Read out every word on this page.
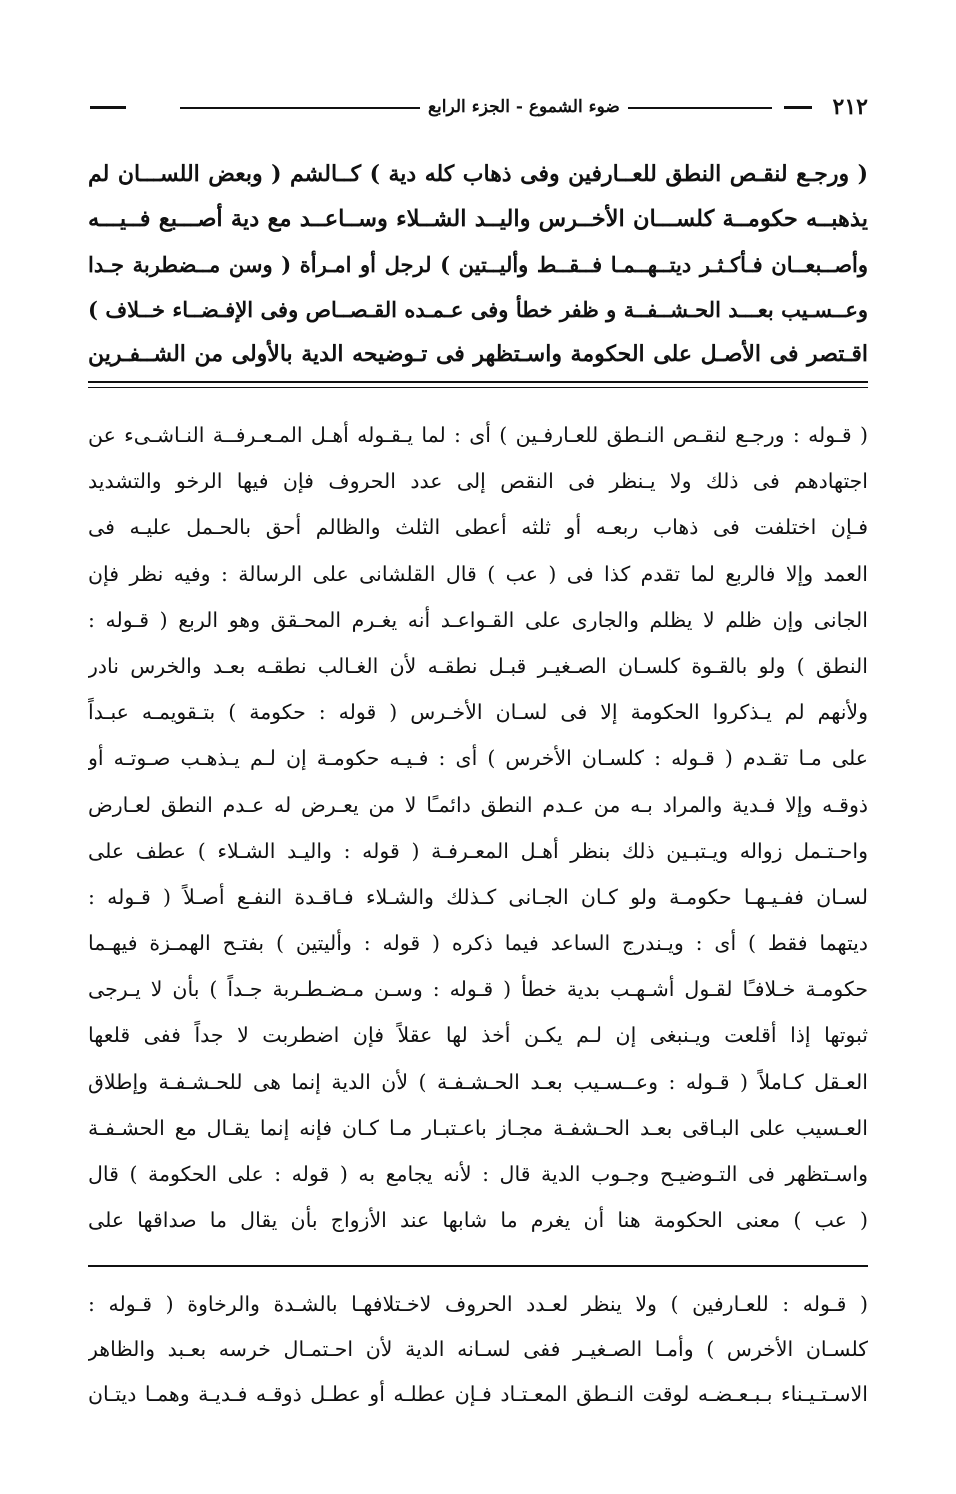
٢١٢
ضوء الشموع - الجزء الرابع

( ورجـع لنقـص النطق للعــارفين وفى ذهاب كله دية ) كــالشم ( وبعض اللســـان لم

يذهبــه حكومــة كلســـان الأخــرس واليــد الشــلاء وســاعــد مع دية أصـــبع فــيـــه

وأصــبعــان فـأكـثـر ديتــهــمـا فــقــط وأليــتين ) لرجل أو امـرأة ( وسن مــضطربة جـدا

وعــسـيب بعـــد الحـشــفــة و ظفر خطأ وفى عـمـده القـصــاص وفى الإفـضــاء خــلاف )

اقـتصر فى الأصـل على الحكومة واسـتظهر فى تـوضيحه الدية بالأولى من الشــفـرين

( قـوله : ورجـع لنقـص النـطق للعـارفـين ) أى : لما يـقـوله أهـل المـعـرفــة النـاشـىء عن

اجتهادهم فى ذلك ولا يـنظر فى النقص إلى عدد الحروف فإن فيها الرخو والتشديد

فـإن اختلفت فى ذهاب ربعـه أو ثلثه أعطى الثلث والظالم أحق بالحـمل عليـه فى

العمد وإلا فالربع لما تقدم كذا فى ( عب ) قال القلشانى على الرسالة : وفيه نظر فإن

الجانى وإن ظلم لا يظلم والجارى على القـواعـد أنه يغـرم المحـقق وهو الربع ( قـوله :

النطق ) ولو بالقـوة كلسـان الصـغيـر قبـل نطقـه لأن الغـالب نطقـه بعـد والخرس نادر

ولأنهم لم يـذكروا الحكومة إلا فى لسـان الأخـرس ( قوله : حكومة ) بتـقويمـه عبـداً

على مـا تقـدم ( قـوله : كلسـان الأخرس ) أى : فـيـه حكومـة إن لـم يـذهـب صـوتـه أو

ذوقـه وإلا فـدية والمراد بـه من عـدم النطق دائمـًا لا من يعـرض له عـدم النطق لعـارض

واحـتـمل زواله ويـتبـين ذلك بنظر أهـل المعـرفـة ( قوله : واليـد الشـلاء ) عطف على

لسـان ففـيـهـا حكومـة ولو كـان الجـانى كـذلك والشـلاء فـاقـدة النفـع أصـلاً ( قـوله :

ديتهما فقط ) أى : ويـندرج الساعد فيما ذكره ( قوله : وأليتين ) بفتـح الهمـزة فيهـما

حكومـة خـلافـًا لقـول أشـهـب بدية خطأ ( قـوله : وسـن مـضـطـربة جـداً ) بأن لا يـرجى

ثبوتها إذا أقلعت ويـنبغى إن لـم يكـن أخذ لها عقلاً فإن اضطربت لا جداً ففى قلعها

العـقل كـاملاً ( قـوله : وعــسـيب بعـد الحـشـفـة ) لأن الدية إنما هى للحـشـفـة وإطلاق

العـسيب على البـاقى بعـد الحـشفـة مجـاز باعـتبـار مـا كـان فإنه إنما يقـال مع الحشـفـة

واسـتظهر فى التـوضيـح وجـوب الدية قال : لأنه يجامع به ( قوله : على الحكومة ) قال

( عب ) معنى الحكومة هنا أن يغرم ما شابها عند الأزواج بأن يقال ما صداقها على

( قـوله : للعـارفين ) ولا ينظر لعـدد الحروف لاخـتلافهـا بالشـدة والرخاوة ( قـوله :

كلسـان الأخرس ) وأمـا الصـغيـر ففى لسـانه الدية لأن احـتمـال خرسه بعـبد والظاهر

الاسـتـيـناء بـبـعـضـه لوقت النـطق المعـتـاد فـإن عطلـه أو عطـل ذوقـه فـديـة وهمـا ديتـان
